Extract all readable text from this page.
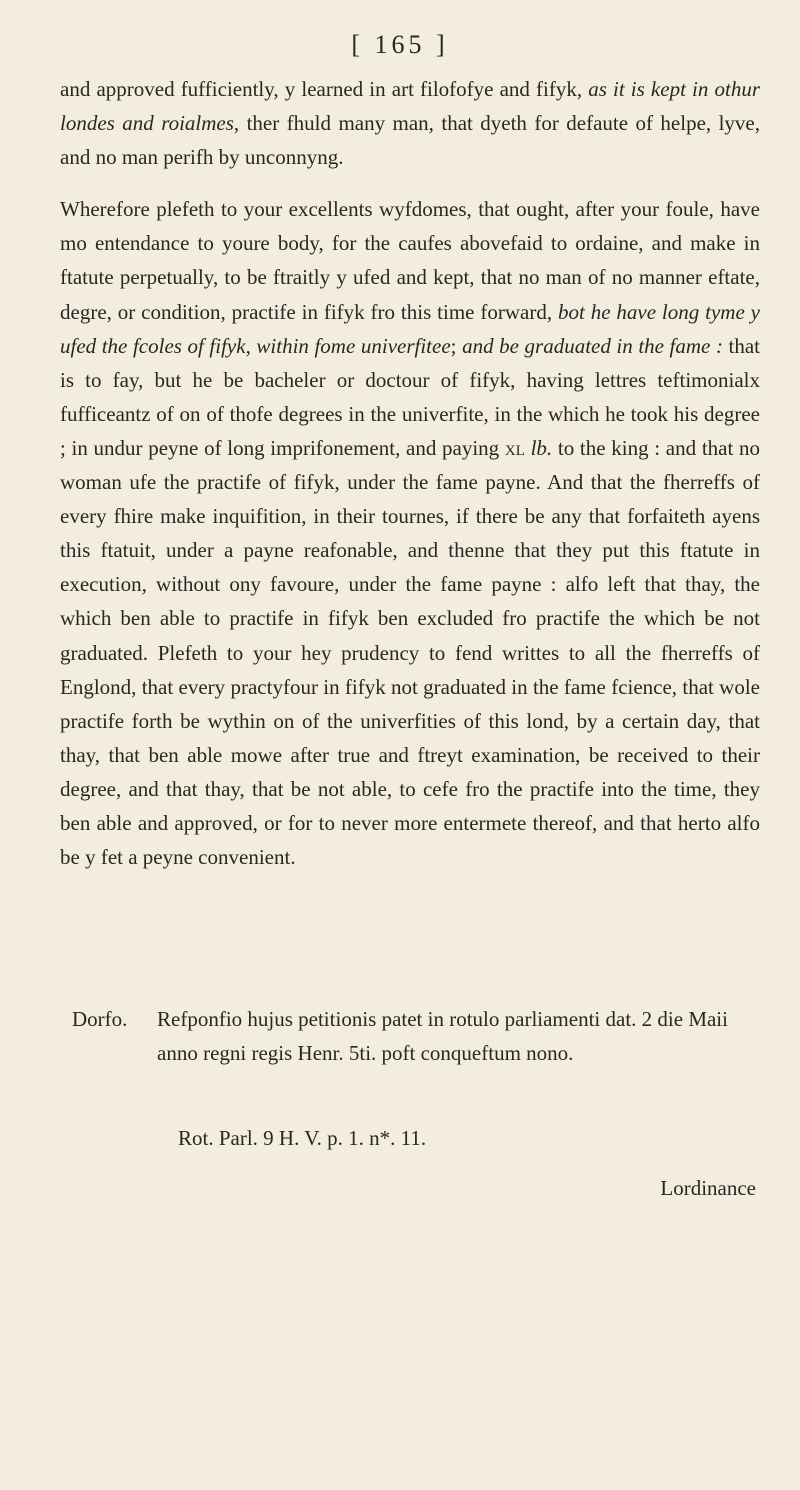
[ 165 ]

and approved fufficiently, y learned in art filofofye and fifyk, as it is kept in othur londes and roialmes, ther fhuld many man, that dyeth for defaute of helpe, lyve, and no man perifh by unconnyng.

Wherefore plefeth to your excellents wyfdomes, that ought, after your foule, have mo entendance to youre body, for the caufes abovefaid to ordaine, and make in ftatute perpetually, to be ftraitly y ufed and kept, that no man of no manner eftate, degre, or condition, practife in fifyk fro this time forward, bot he have long tyme y ufed the fcoles of fifyk, within fome univerfitee; and be graduated in the fame : that is to fay, but he be bacheler or doctour of fifyk, having lettres teftimonialx fufficeantz of on of thofe degrees in the univerfite, in the which he took his degree ; in undur peyne of long imprifonement, and paying xl lb. to the king : and that no woman ufe the practife of fifyk, under the fame payne. And that the fherreffs of every fhire make inquifition, in their tournes, if there be any that forfaiteth ayens this ftatuit, under a payne reafonable, and thenne that they put this ftatute in execution, without ony favoure, under the fame payne : alfo left that thay, the which ben able to practife in fifyk ben excluded fro practife the which be not graduated. Plefeth to your hey prudency to fend writtes to all the fherreffs of Englond, that every practyfour in fifyk not graduated in the fame fcience, that wole practife forth be wythin on of the univerfities of this lond, by a certain day, that thay, that ben able mowe after true and ftreyt examination, be received to their degree, and that thay, that be not able, to cefe fro the practife into the time, they ben able and approved, or for to never more entermete thereof, and that herto alfo be y fet a peyne convenient.

Dorfo. Refponfio hujus petitionis patet in rotulo parliamenti dat. 2 die Maii anno regni regis Henr. 5ti. poft conqueftum nono.
Rot. Parl. 9 H. V. p. 1. n*. 11.
Lordinance
